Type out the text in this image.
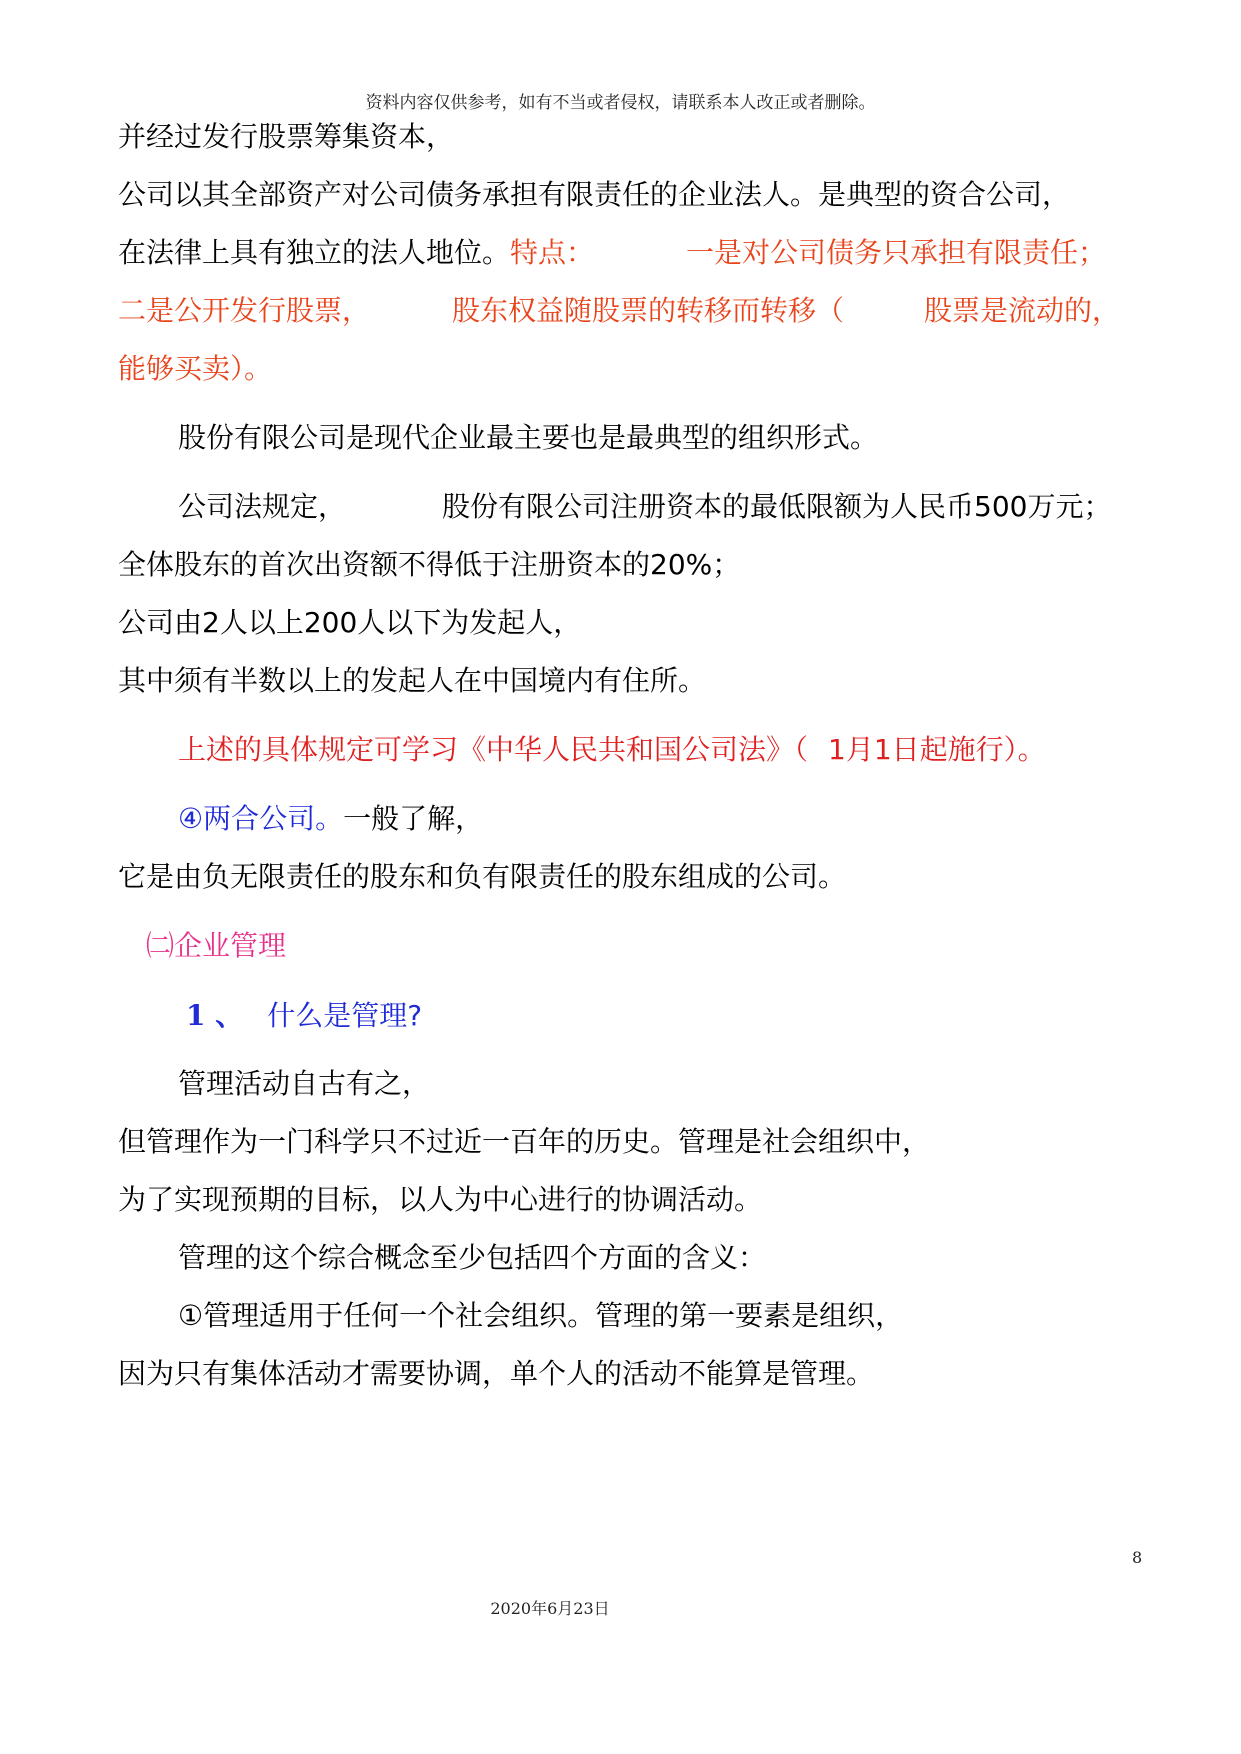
资料内容仅供参考，如有不当或者侵权，请联系本人改正或者删除。
并经过发行股票筹集资本，
公司以其全部资产对公司债务承担有限责任的企业法人。是典型的资合公司，
在法律上具有独立的法人地位。特点：	一是对公司债务只承担有限责任；
二是公开发行股票，	股东权益随股票的转移而转移（	股票是流动的，
能够买卖）。
股份有限公司是现代企业最主要也是最典型的组织形式。
公司法规定，	股份有限公司注册资本的最低限额为人民币500万元；
全体股东的首次出资额不得低于注册资本的20%；
公司由2人以上200人以下为发起人，
其中须有半数以上的发起人在中国境内有住所。
上述的具体规定可学习《中华人民共和国公司法》（ 1月1日起施行）。
④两合公司。一般了解，
它是由负无限责任的股东和负有限责任的股东组成的公司。
㈡企业管理
1 、 什么是管理?
管理活动自古有之，
但管理作为一门科学只不过近一百年的历史。管理是社会组织中，
为了实现预期的目标，以人为中心进行的协调活动。
管理的这个综合概念至少包括四个方面的含义：
①管理适用于任何一个社会组织。管理的第一要素是组织，
因为只有集体活动才需要协调，单个人的活动不能算是管理。
8
2020年6月23日
